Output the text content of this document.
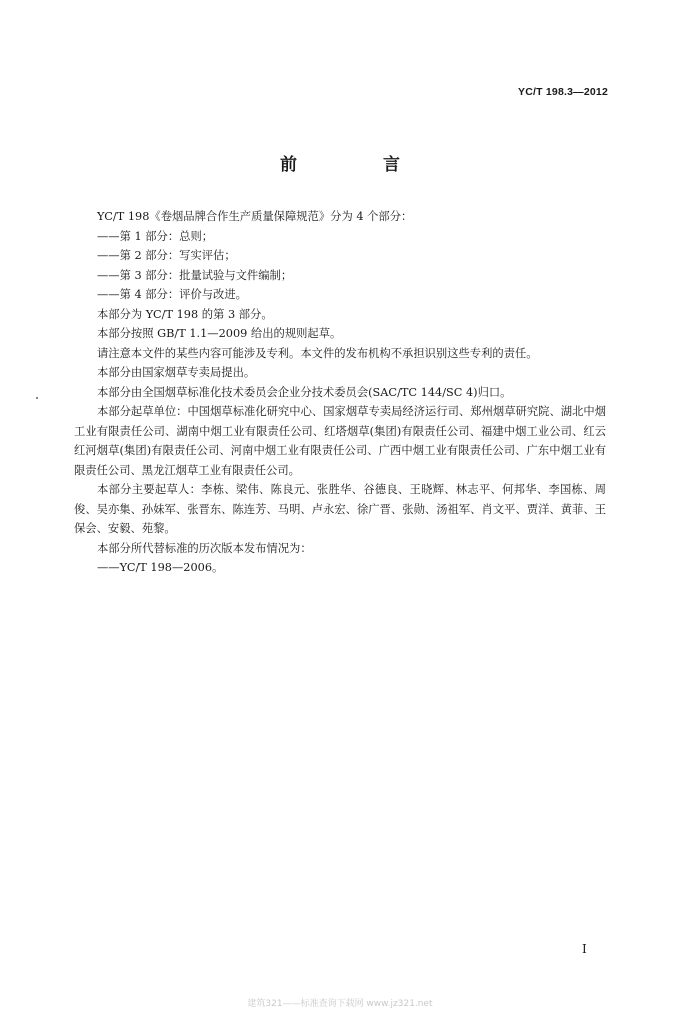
YC/T 198.3—2012
前 言

YC/T 198《卷烟品牌合作生产质量保障规范》分为 4 个部分：

——第 1 部分：总则；

——第 2 部分：写实评估；

——第 3 部分：批量试验与文件编制；

——第 4 部分：评价与改进。

本部分为 YC/T 198 的第 3 部分。

本部分按照 GB/T 1.1—2009 给出的规则起草。

请注意本文件的某些内容可能涉及专利。本文件的发布机构不承担识别这些专利的责任。

本部分由国家烟草专卖局提出。

本部分由全国烟草标准化技术委员会企业分技术委员会(SAC/TC 144/SC 4)归口。

本部分起草单位：中国烟草标准化研究中心、国家烟草专卖局经济运行司、郑州烟草研究院、湖北中烟工业有限责任公司、湖南中烟工业有限责任公司、红塔烟草(集团)有限责任公司、福建中烟工业公司、红云红河烟草(集团)有限责任公司、河南中烟工业有限责任公司、广西中烟工业有限责任公司、广东中烟工业有限责任公司、黑龙江烟草工业有限责任公司。

本部分主要起草人：李栋、梁伟、陈良元、张胜华、谷德良、王晓辉、林志平、何邦华、李国栋、周俊、吴亦集、孙妹军、张晋东、陈连芳、马明、卢永宏、徐广晋、张勋、汤祖军、肖文平、贾洋、黄菲、王保会、安毅、苑黎。

本部分所代替标准的历次版本发布情况为：

——YC/T 198—2006。

I
建筑321——标准查询下载网 www.jz321.net
